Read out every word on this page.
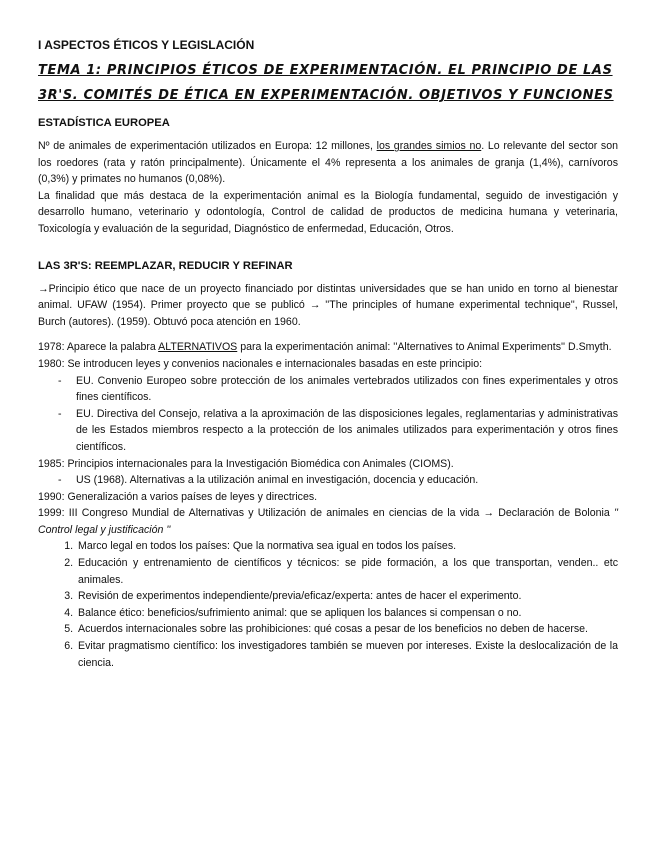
I ASPECTOS ÉTICOS Y LEGISLACIÓN
TEMA 1: PRINCIPIOS ÉTICOS DE EXPERIMENTACIÓN. EL PRINCIPIO DE LAS 3R'S. COMITÉS DE ÉTICA EN EXPERIMENTACIÓN. OBJETIVOS Y FUNCIONES
ESTADÍSTICA EUROPEA

Nº de animales de experimentación utilizados en Europa: 12 millones, los grandes simios no. Lo relevante del sector son los roedores (rata y ratón principalmente). Únicamente el 4% representa a los animales de granja (1,4%), carnívoros (0,3%) y primates no humanos (0,08%).

La finalidad que más destaca de la experimentación animal es la Biología fundamental, seguido de investigación y desarrollo humano, veterinario y odontología, Control de calidad de productos de medicina humana y veterinaria, Toxicología y evaluación de la seguridad, Diagnóstico de enfermedad, Educación, Otros.

LAS 3R'S: REEMPLAZAR, REDUCIR Y REFINAR

→Principio ético que nace de un proyecto financiado por distintas universidades que se han unido en torno al bienestar animal. UFAW (1954). Primer proyecto que se publicó → ''The principles of humane experimental technique'', Russel, Burch (autores). (1959). Obtuvó poca atención en 1960.

1978: Aparece la palabra ALTERNATIVOS para la experimentación animal: ''Alternatives to Animal Experiments'' D.Smyth.

1980: Se introducen leyes y convenios nacionales e internacionales basadas en este principio:

- EU. Convenio Europeo sobre protección de los animales vertebrados utilizados con fines experimentales y otros fines científicos.
- EU. Directiva del Consejo, relativa a la aproximación de las disposiciones legales, reglamentarias y administrativas de les Estados miembros respecto a la protección de los animales utilizados para experimentación y otros fines científicos.

1985: Principios internacionales para la Investigación Biomédica con Animales (CIOMS).

- US (1968). Alternativas a la utilización animal en investigación, docencia y educación.

1990: Generalización a varios países de leyes y directrices.

1999: III Congreso Mundial de Alternativas y Utilización de animales en ciencias de la vida → Declaración de Bolonia '' Control legal y justificación ''

1. Marco legal en todos los países: Que la normativa sea igual en todos los países.
2. Educación y entrenamiento de científicos y técnicos: se pide formación, a los que transportan, venden.. etc animales.
3. Revisión de experimentos independiente/previa/eficaz/experta: antes de hacer el experimento.
4. Balance ético: beneficios/sufrimiento animal: que se apliquen los balances si compensan o no.
5. Acuerdos internacionales sobre las prohibiciones: qué cosas a pesar de los beneficios no deben de hacerse.
6. Evitar pragmatismo científico: los investigadores también se mueven por intereses. Existe la deslocalización de la ciencia.
